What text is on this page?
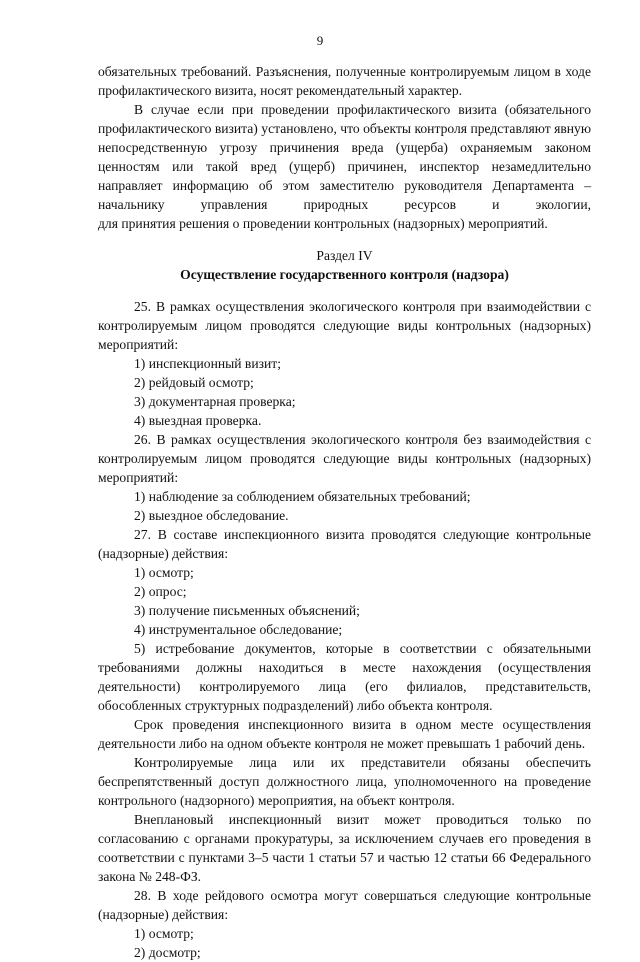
9

обязательных требований. Разъяснения, полученные контролируемым лицом в ходе профилактического визита, носят рекомендательный характер.

В случае если при проведении профилактического визита (обязательного профилактического визита) установлено, что объекты контроля представляют явную непосредственную угрозу причинения вреда (ущерба) охраняемым законом ценностям или такой вред (ущерб) причинен, инспектор незамедлительно направляет информацию об этом заместителю руководителя Департамента – начальнику управления природных ресурсов и экологии,

для принятия решения о проведении контрольных (надзорных) мероприятий.

Раздел IV

Осуществление государственного контроля (надзора)

25. В рамках осуществления экологического контроля при взаимодействии с контролируемым лицом проводятся следующие виды контрольных (надзорных) мероприятий:

1) инспекционный визит;

2) рейдовый осмотр;

3) документарная проверка;

4) выездная проверка.

26. В рамках осуществления экологического контроля без взаимодействия с контролируемым лицом проводятся следующие виды контрольных (надзорных) мероприятий:

1) наблюдение за соблюдением обязательных требований;

2) выездное обследование.

27. В составе инспекционного визита проводятся следующие контрольные (надзорные) действия:

1) осмотр;

2) опрос;

3) получение письменных объяснений;

4) инструментальное обследование;

5) истребование документов, которые в соответствии с обязательными требованиями должны находиться в месте нахождения (осуществления деятельности) контролируемого лица (его филиалов, представительств, обособленных структурных подразделений) либо объекта контроля.

Срок проведения инспекционного визита в одном месте осуществления деятельности либо на одном объекте контроля не может превышать 1 рабочий день.

Контролируемые лица или их представители обязаны обеспечить беспрепятственный доступ должностного лица, уполномоченного на проведение контрольного (надзорного) мероприятия, на объект контроля.

Внеплановый инспекционный визит может проводиться только по согласованию с органами прокуратуры, за исключением случаев его проведения в соответствии с пунктами 3–5 части 1 статьи 57 и частью 12 статьи 66 Федерального закона № 248-ФЗ.

28. В ходе рейдового осмотра могут совершаться следующие контрольные (надзорные) действия:

1) осмотр;

2) досмотр;
